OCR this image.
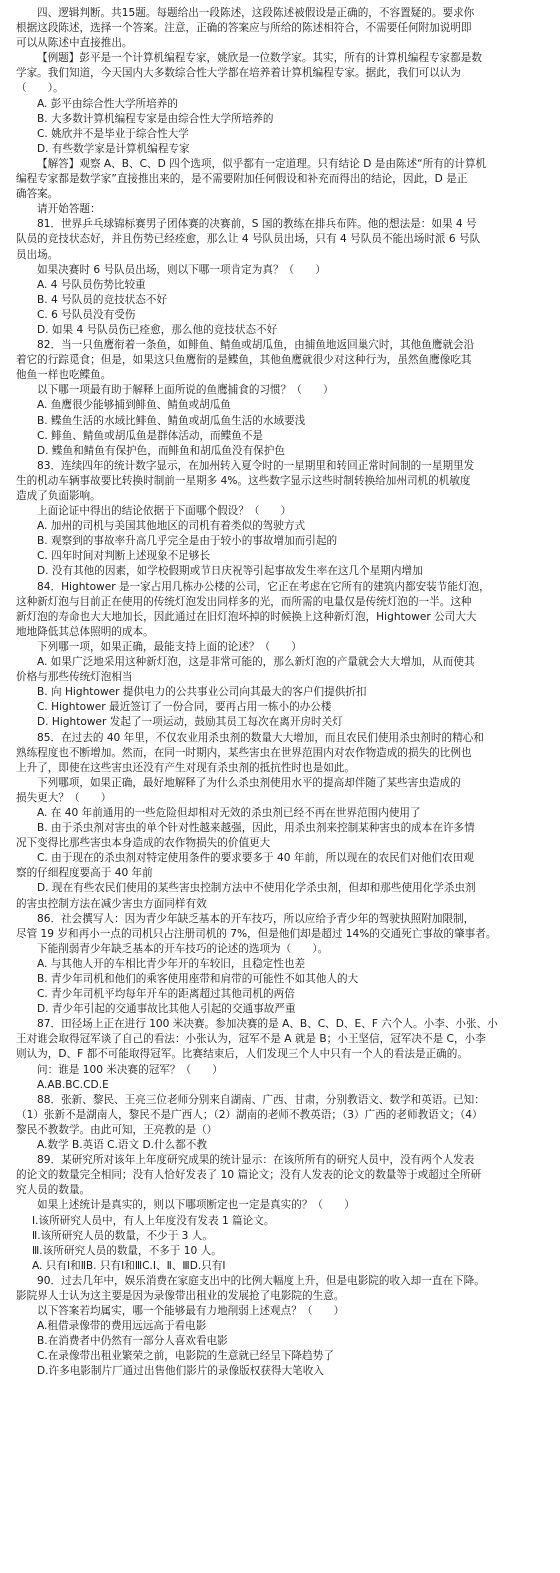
四、逻辑判断。共15题。每题给出一段陈述，这段陈述被假设是正确的，不容置疑的。要求你
根据这段陈述，选择一个答案。注意，正确的答案应与所给的陈述相符合，不需要任何附加说明即
可以从陈述中直接推出。
【例题】彭平是一个计算机编程专家，姚欣是一位数学家。其实，所有的计算机编程专家都是数
学家。我们知道，今天国内大多数综合性大学都在培养着计算机编程专家。据此，我们可以认为
（　　）。
A. 彭平由综合性大学所培养的
B. 大多数计算机编程专家是由综合性大学所培养的
C. 姚欣并不是毕业于综合性大学
D. 有些数学家是计算机编程专家
【解答】观察 A、B、C、D 四个选项，似乎都有一定道理。只有结论 D 是由陈述“所有的计算机
编程专家都是数学家”直接推出来的，是不需要附加任何假设和补充而得出的结论，因此，D 是正
确答案。
请开始答题：
81．世界乒乓球锦标赛男子团体赛的决赛前，S 国的教练在排兵布阵。他的想法是：如果 4 号
队员的竞技状态好，并且伤势已经痊愈，那么让 4 号队员出场，只有 4 号队员不能出场时派 6 号队
员出场。
如果决赛时 6 号队员出场，则以下哪一项肯定为真？（　　）
A. 4 号队员伤势比较重
B. 4 号队员的竞技状态不好
C. 6 号队员没有受伤
D. 如果 4 号队员伤已痊愈，那么他的竞技状态不好
82．当一只鱼鹰衔着一条鱼，如鲱鱼、鲭鱼或胡瓜鱼，由捕鱼地返回巢穴时，其他鱼鹰就会沿
着它的行踪觅食；但是，如果这只鱼鹰衔的是鲽鱼，其他鱼鹰就很少对这种行为，虽然鱼鹰像吃其
他鱼一样也吃鲽鱼。
以下哪一项最有助于解释上面所说的鱼鹰捕食的习惯？（　　）
A. 鱼鹰很少能够捕到鲱鱼、鲭鱼或胡瓜鱼
B. 鲽鱼生活的水域比鲱鱼、鲭鱼或胡瓜鱼生活的水域要浅
C. 鲱鱼、鲭鱼或胡瓜鱼是群体活动，而鲽鱼不是
D. 鲽鱼和鲭鱼有保护色，而鲱鱼和胡瓜鱼没有保护色
83．连续四年的统计数字显示，在加州转入夏令时的一星期里和转回正常时间制的一星期里发
生的机动车辆事故要比转换时制前一星期多 4%。这些数字显示这些时制转换给加州司机的机敏度
造成了负面影响。
上面论证中得出的结论依据于下面哪个假设？（　　）
A. 加州的司机与美国其他地区的司机有着类似的驾驶方式
B. 观察到的事故率升高几乎完全是由于较小的事故增加而引起的
C. 四年时间对判断上述现象不足够长
D. 没有其他的因素，如学校假期或节日庆祝等引起事故发生率在这几个星期内增加
84．Hightower 是一家占用几栋办公楼的公司，它正在考虑在它所有的建筑内都安装节能灯泡，
这种新灯泡与目前正在使用的传统灯泡发出同样多的光，而所需的电量仅是传统灯泡的一半。这种
新灯泡的寿命也大大地加长，因此通过在旧灯泡坏掉的时候换上这种新灯泡，Hightower 公司大大
地地降低其总体照明的成本。
下列哪一项，如果正确，最能支持上面的论述？（　　）
A. 如果广泛地采用这种新灯泡，这是非常可能的，那么新灯泡的产量就会大大增加，从而使其
价格与那些传统灯泡相当
B. 向 Hightower 提供电力的公共事业公司向其最大的客户们提供折扣
C. Hightower 最近签订了一份合同，要再占用一栋小的办公楼
D. Hightower 发起了一项运动，鼓励其员工每次在离开房时关灯
85．在过去的 40 年里，不仅农业用杀虫剂的数量大大增加，而且农民们使用杀虫剂时的精心和
熟练程度也不断增加。然而，在同一时期内，某些害虫在世界范围内对农作物造成的损失的比例也
上升了，即使在这些害虫还没有产生对现有杀虫剂的抵抗性时也是如此。
下列哪项，如果正确，最好地解释了为什么杀虫剂使用水平的提高却伴随了某些害虫造成的
损失更大？（　　）
A. 在 40 年前通用的一些危险但却相对无效的杀虫剂已经不再在世界范围内使用了
B. 由于杀虫剂对害虫的单个针对性越来越强，因此，用杀虫剂来控制某种害虫的成本在许多情
况下变得比那些害虫本身造成的农作物损失的价值更大
C. 由于现在的杀虫剂对特定使用条件的要求要多于 40 年前，所以现在的农民们对他们农田观
察的仔细程度要高于 40 年前
D. 现在有些农民们使用的某些害虫控制方法中不使用化学杀虫剂，但却和那些使用化学杀虫剂
的害虫控制方法在减少害虫方面同样有效
86．社会撰写人：因为青少年缺乏基本的开车技巧，所以应给予青少年的驾驶执照附加限制，
尽管 19 岁和再小一点的司机只占注册司机的 7%，但是他们却是超过 14%的交通死亡事故的肇事者。
下能削弱青少年缺乏基本的开车技巧的论述的选项为（　　）。
A. 与其他人开的车相比青少年开的车较旧，且稳定性也差
B. 青少年司机和他们的乘客使用座带和肩带的可能性不如其他人的大
C. 青少年司机平均每年开车的距离超过其他司机的两倍
D. 青少年引起的交通事故比其他人引起的交通事故严重
87．田径场上正在进行 100 米决赛。参加决赛的是 A、B、C、D、E、F 六个人。小李、小张、小
王对谁会取得冠军谈了自己的看法：小张认为，冠军不是 A 就是 B；小王坚信，冠军决不是 C，小李
则认为，D、F 都不可能取得冠军。比赛结束后，人们发现三个人中只有一个人的看法是正确的。
问：谁是 100 米决赛的冠军？（　　）
A.AB.BC.CD.E
88．张新、黎民、王亮三位老师分别来自湖南、广西、甘肃，分别教语文、数学和英语。已知：
（1）张新不是湖南人，黎民不是广西人；（2）湖南的老师不教英语；（3）广西的老师教语文；（4）
黎民不教数学。由此可知，王亮教的是（）
A.数学 B.英语 C.语文 D.什么都不教
89．某研究所对该年上年度研究成果的统计显示：在该所所有的研究人员中，没有两个人发表
的论文的数量完全相同；没有人恰好发表了 10 篇论文；没有人发表的论文的数量等于或超过全所研
究人员的数量。
如果上述统计是真实的，则以下哪项断定也一定是真实的？（　　）
Ⅰ.该所研究人员中，有人上年度没有发表 1 篇论文。
Ⅱ.该所研究人员的数量，不少于 3 人。
Ⅲ.该所研究人员的数量，不多于 10 人。
A. 只有Ⅰ和ⅡB. 只有Ⅰ和ⅢC.Ⅰ、Ⅱ、ⅢD.只有Ⅰ
90．过去几年中，娱乐消费在家庭支出中的比例大幅度上升，但是电影院的收入却一直在下降。
影院界人士认为这主要是因为录像带出租业的发展抢了电影院的生意。
以下答案若均属实，哪一个能够最有力地削弱上述观点？（　　）
A.租借录像带的费用远远高于看电影
B.在消费者中仍然有一部分人喜欢看电影
C.在录像带出租业繁荣之前，电影院的生意就已经呈下降趋势了
D.许多电影制片厂通过出售他们影片的录像版权获得大笔收入
